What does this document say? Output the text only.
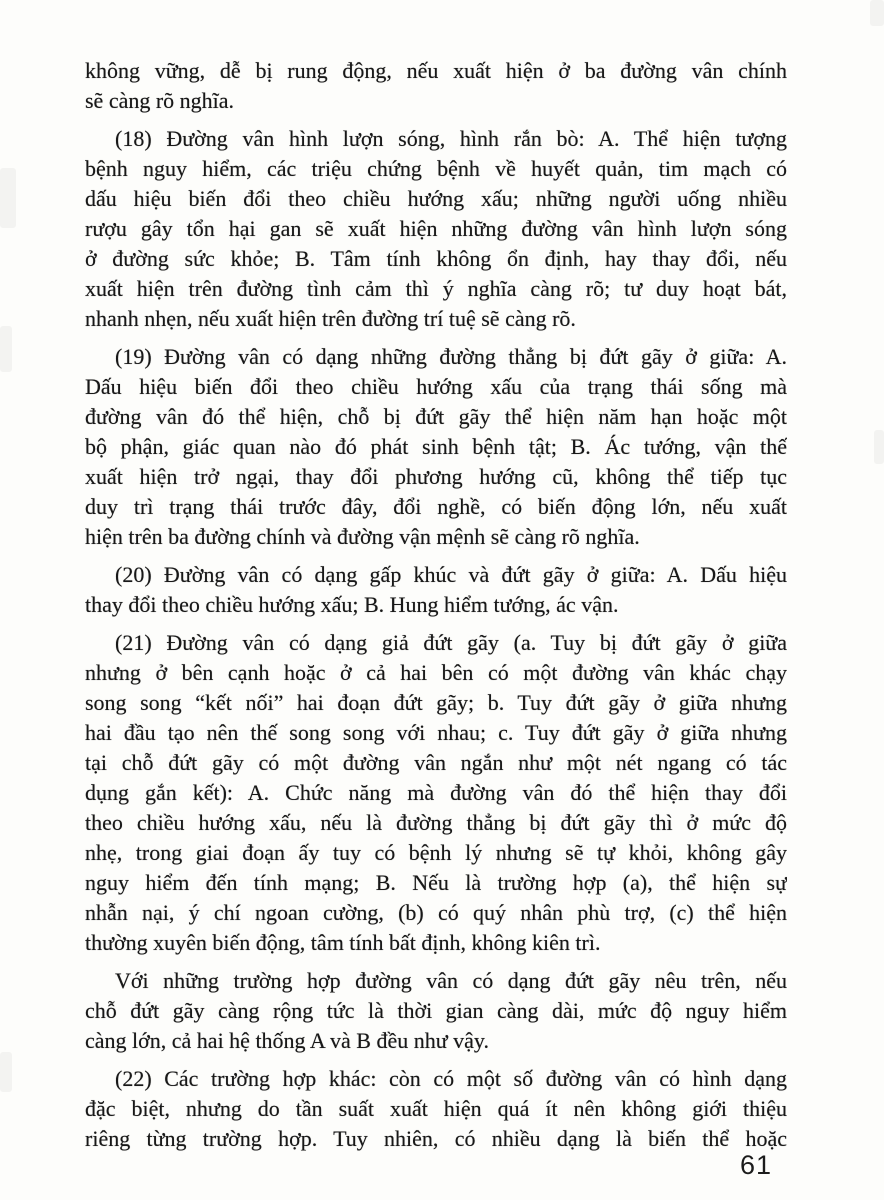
không vững, dễ bị rung động, nếu xuất hiện ở ba đường vân chính
sẽ càng rõ nghĩa.

(18) Đường vân hình lượn sóng, hình rắn bò: A. Thể hiện tượng
bệnh nguy hiểm, các triệu chứng bệnh về huyết quản, tim mạch có
dấu hiệu biến đổi theo chiều hướng xấu; những người uống nhiều
rượu gây tổn hại gan sẽ xuất hiện những đường vân hình lượn sóng
ở đường sức khỏe; B. Tâm tính không ổn định, hay thay đổi, nếu
xuất hiện trên đường tình cảm thì ý nghĩa càng rõ; tư duy hoạt bát,
nhanh nhẹn, nếu xuất hiện trên đường trí tuệ sẽ càng rõ.

(19) Đường vân có dạng những đường thẳng bị đứt gãy ở giữa: A.
Dấu hiệu biến đổi theo chiều hướng xấu của trạng thái sống mà
đường vân đó thể hiện, chỗ bị đứt gãy thể hiện năm hạn hoặc một
bộ phận, giác quan nào đó phát sinh bệnh tật; B. Ác tướng, vận thế
xuất hiện trở ngại, thay đổi phương hướng cũ, không thể tiếp tục
duy trì trạng thái trước đây, đổi nghề, có biến động lớn, nếu xuất
hiện trên ba đường chính và đường vận mệnh sẽ càng rõ nghĩa.

(20) Đường vân có dạng gấp khúc và đứt gãy ở giữa: A. Dấu hiệu
thay đổi theo chiều hướng xấu; B. Hung hiểm tướng, ác vận.

(21) Đường vân có dạng giả đứt gãy (a. Tuy bị đứt gãy ở giữa
nhưng ở bên cạnh hoặc ở cả hai bên có một đường vân khác chạy
song song “kết nối” hai đoạn đứt gãy; b. Tuy đứt gãy ở giữa nhưng
hai đầu tạo nên thế song song với nhau; c. Tuy đứt gãy ở giữa nhưng
tại chỗ đứt gãy có một đường vân ngắn như một nét ngang có tác
dụng gắn kết): A. Chức năng mà đường vân đó thể hiện thay đổi
theo chiều hướng xấu, nếu là đường thẳng bị đứt gãy thì ở mức độ
nhẹ, trong giai đoạn ấy tuy có bệnh lý nhưng sẽ tự khỏi, không gây
nguy hiểm đến tính mạng; B. Nếu là trường hợp (a), thể hiện sự
nhẫn nại, ý chí ngoan cường, (b) có quý nhân phù trợ, (c) thể hiện
thường xuyên biến động, tâm tính bất định, không kiên trì.

Với những trường hợp đường vân có dạng đứt gãy nêu trên, nếu
chỗ đứt gãy càng rộng tức là thời gian càng dài, mức độ nguy hiểm
càng lớn, cả hai hệ thống A và B đều như vậy.

(22) Các trường hợp khác: còn có một số đường vân có hình dạng
đặc biệt, nhưng do tần suất xuất hiện quá ít nên không giới thiệu
riêng từng trường hợp. Tuy nhiên, có nhiều dạng là biến thể hoặc

61
